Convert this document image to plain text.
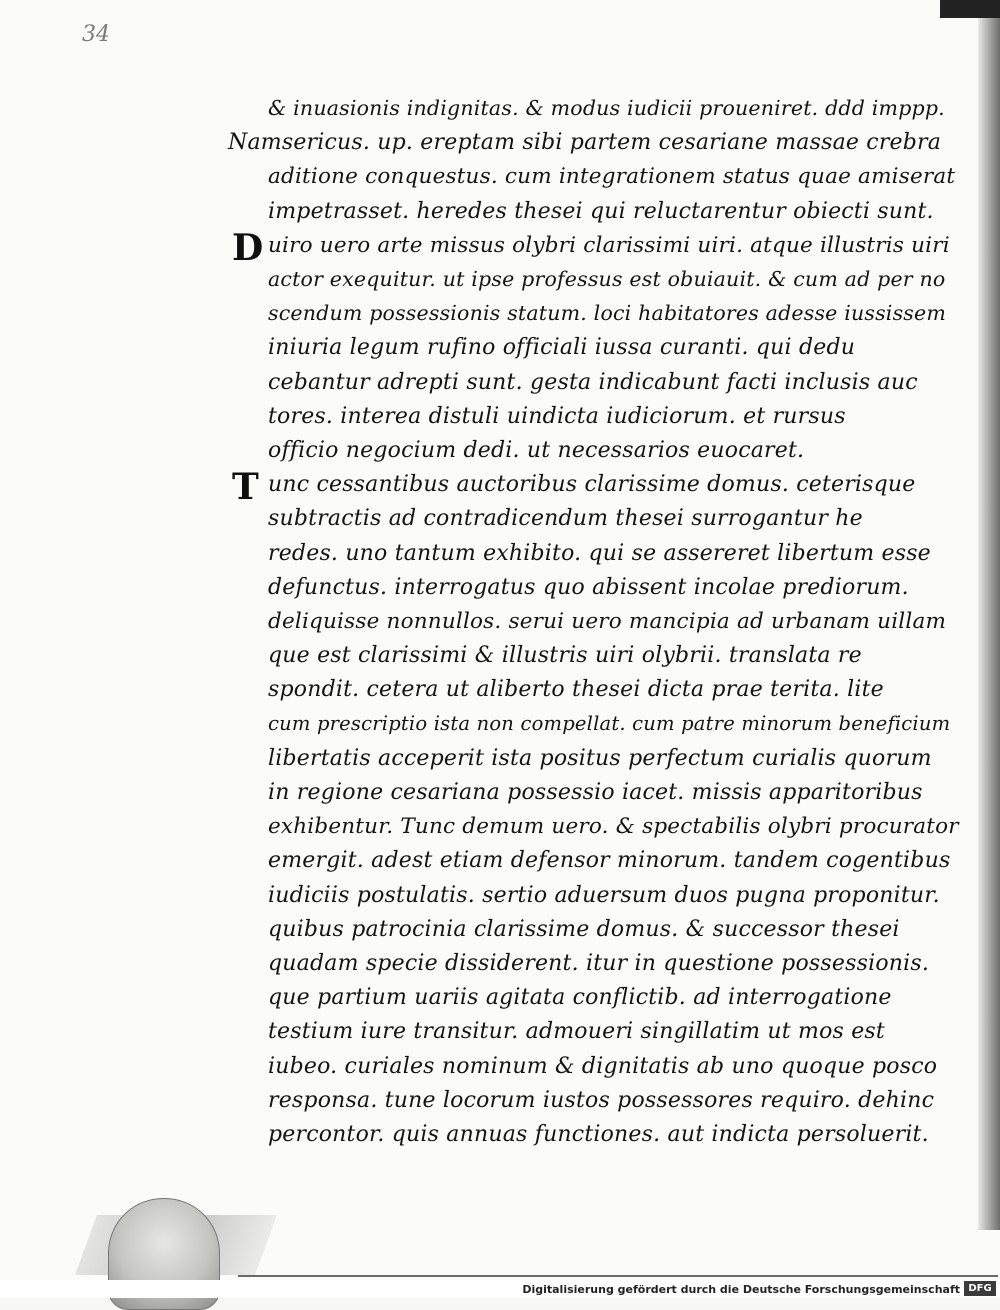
34
& inuasionis indignitas. & modus iudicii proueniret. ddd imppp.
Namsericus. up. ereptam sibi partem cesariane massae crebra
aditione conquestus. cum integrationem status quae amiserat
impetrasset. heredes thesei qui reluctarentur obiecti sunt.
uiro uero arte missus olybri clarissimi uiri. atque illustris uiri
actor exequitur. ut ipse professus est obuiauit. & cum ad per no
scendum possessionis statum. loci habitatores adesse iussissem
iniuria legum rufino officiali iussa curanti. qui dedu
cebantur adrepti sunt. gesta indicabunt facti inclusis auc
tores. interea distuli uindicta iudiciorum. et rursus
officio negocium dedi. ut necessarios euocaret.
unc cessantibus auctoribus clarissime domus. ceterisque
subtractis ad contradicendum thesei surrogantur he
redes. uno tantum exhibito. qui se assereret libertum esse
defunctus. interrogatus quo abissent incolae prediorum.
deliquisse nonnullos. serui uero mancipia ad urbanam uillam
que est clarissimi & illustris uiri olybrii. translata re
spondit. cetera ut aliberto thesei dicta prae terita. lite
cum prescriptio ista non compellat. cum patre minorum beneficium
libertatis acceperit ista positus perfectum curialis quorum
in regione cesariana possessio iacet. missis apparitoribus
exhibentur. Tunc demum uero. & spectabilis olybri procurator
emergit. adest etiam defensor minorum. tandem cogentibus
iudiciis postulatis. sertio aduersum duos pugna proponitur.
quibus patrocinia clarissime domus. & successor thesei
quadam specie dissiderent. itur in questione possessionis.
que partium uariis agitata conflictib. ad interrogatione
testium iure transitur. admoueri singillatim ut mos est
iubeo. curiales nominum & dignitatis ab uno quoque posco
responsa. tune locorum iustos possessores requiro. dehinc
percontor. quis annuas functiones. aut indicta persoluerit.
D
T
Digitalisierung gefördert durch die Deutsche Forschungsgemeinschaft DFG
